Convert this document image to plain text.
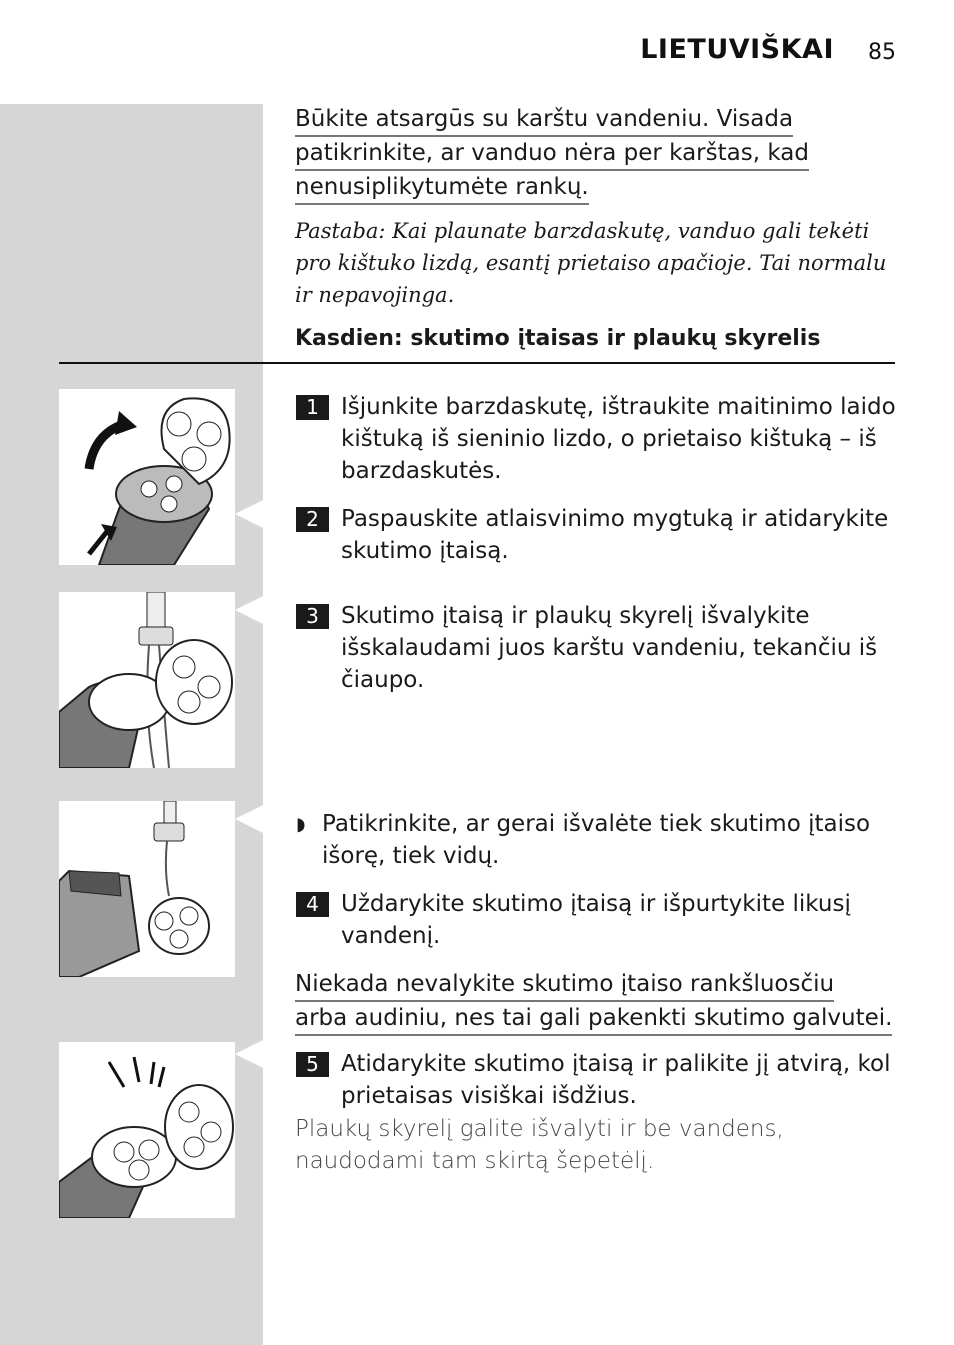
LIETUVIŠKAI	85
Būkite atsargūs su karštu vandeniu. Visada
patikrinkite, ar vanduo nėra per karštas, kad
nenusiplikytumėte rankų.
Pastaba: Kai plaunate barzdaskutę, vanduo gali tekėti pro kištuko lizdą, esantį prietaiso apačioje. Tai normalu ir nepavojinga.
Kasdien: skutimo įtaisas ir plaukų skyrelis
1 Išjunkite barzdaskutę, ištraukite maitinimo laido kištuką iš sieninio lizdo, o prietaiso kištuką – iš barzdaskutės.
2 Paspauskite atlaisvinimo mygtuką ir atidarykite skutimo įtaisą.
3 Skutimo įtaisą ir plaukų skyrelį išvalykite išskalaudami juos karštu vandeniu, tekančiu iš čiaupo.
◗ Patikrinkite, ar gerai išvalėte tiek skutimo įtaiso išorę, tiek vidų.
4 Uždarykite skutimo įtaisą ir išpurtykite likusį vandenį.
Niekada nevalykite skutimo įtaiso rankšluosčiu
arba audiniu, nes tai gali pakenkti skutimo galvutei.
5 Atidarykite skutimo įtaisą ir palikite jį atvirą, kol prietaisas visiškai išdžius.
Plaukų skyrelį galite išvalyti ir be vandens, naudodami tam skirtą šepetėlį.
